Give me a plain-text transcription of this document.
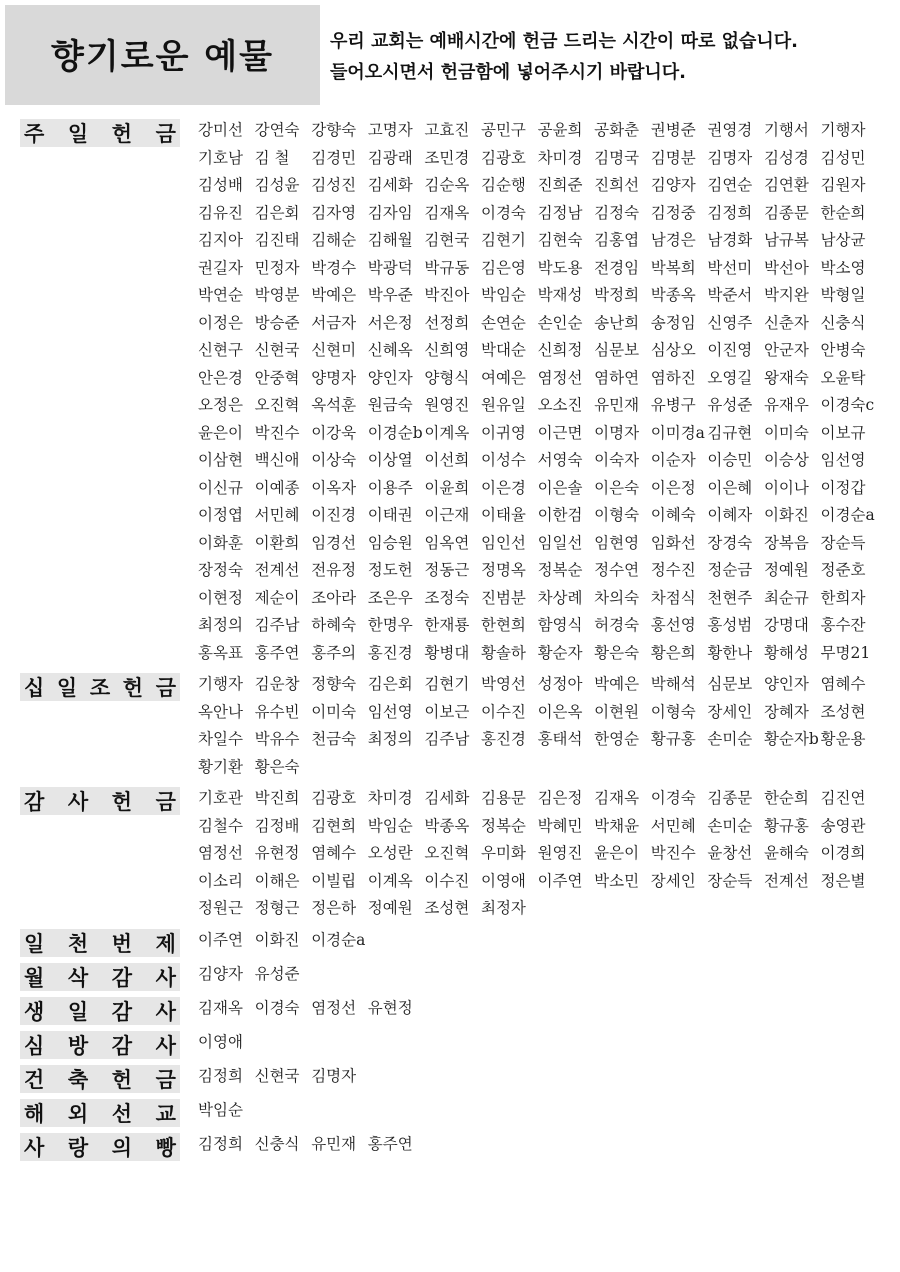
향기로운 예물	우리 교회는 예배시간에 헌금 드리는 시간이 따로 없습니다.
들어오시면서 헌금함에 넣어주시기 바랍니다.
주 일 헌 금 강미선 강연숙 강향숙 고명자 고효진 공민구 공윤희 공화춘 권병준 권영경 기행서 기행자
기호남 김 철	김경민 김광래 조민경 김광호 차미경 김명국 김명분 김명자 김성경 김성민
김성배 김성윤 김성진 김세화 김순옥 김순행 진희준 진희선 김양자 김연순 김연환 김원자
김유진 김은회 김자영 김자임 김재옥 이경숙 김정남 김정숙 김정중 김정희 김종문 한순희
김지아 김진태 김해순 김해월 김현국 김현기 김현숙 김홍엽 남경은 남경화 남규복 남상균
권길자 민정자 박경수 박광덕 박규동 김은영 박도용 전경임 박복희 박선미 박선아 박소영
박연순 박영분 박예은 박우준 박진아 박임순 박재성 박정희 박종옥 박준서 박지완 박형일
이정은 방승준 서금자 서은정 선정희 손연순 손인순 송난희 송정임 신영주 신춘자 신충식
신현구 신현국 신현미 신혜옥 신희영 박대순 신희정 심문보 심상오 이진영 안군자 안병숙
안은경 안중혁 양명자 양인자 양형식 여예은 염정선 염하연 염하진 오영길 왕재숙 오윤탁
오정은 오진혁 옥석훈 원금숙 원영진 원유일 오소진 유민재 유병구 유성준 유재우 이경숙c
윤은이 박진수 이강욱 이경순b 이계옥 이귀영 이근면 이명자 이미경a 김규현 이미숙 이보규
이삼현 백신애 이상숙 이상열 이선희 이성수 서영숙 이숙자 이순자 이승민 이승상 임선영
이신규 이예종 이옥자 이용주 이윤희 이은경 이은솔 이은숙 이은정 이은혜 이이나 이정갑
이정엽 서민혜 이진경 이태권 이근재 이태율 이한검 이형숙 이혜숙 이혜자 이화진 이경순a
이화훈 이환희 임경선 임승원 임옥연 임인선 임일선 임현영 임화선 장경숙 장복음 장순득
장정숙 전계선 전유정 정도헌 정동근 정명옥 정복순 정수연 정수진 정순금 정예원 정준호
이현정 제순이 조아라 조은우 조정숙 진범분 차상례 차의숙 차점식 천현주 최순규 한희자
최정의 김주남 하혜숙 한명우 한재룡 한현희 함영식 허경숙 홍선영 홍성범 강명대 홍수잔
홍옥표 홍주연 홍주의 홍진경 황병대 황솔하 황순자 황은숙 황은희 황한나 황해성 무명21
십 일 조 헌 금 기행자 김운창 정향숙 김은회 김현기 박영선 성정아 박예은 박해석 심문보 양인자 염혜수
옥안나 유수빈 이미숙 임선영 이보근 이수진 이은옥 이현원 이형숙 장세인 장혜자 조성현
차일수 박유수 천금숙 최정의 김주남 홍진경 홍태석 한영순 황규홍 손미순 황순자b 황운용
황기환 황은숙
감 사 헌 금 기호관 박진희 김광호 차미경 김세화 김용문 김은정 김재옥 이경숙 김종문 한순희 김진연
김철수 김정배 김현희 박임순 박종옥 정복순 박혜민 박채윤 서민혜 손미순 황규홍 송영관
염정선 유현정 염혜수 오성란 오진혁 우미화 원영진 윤은이 박진수 윤창선 윤해숙 이경희
이소리 이해은 이빌립 이계옥 이수진 이영애 이주연 박소민 장세인 장순득 전계선 정은별
정원근 정형근 정은하 정예원 조성현 최정자
일 천 번 제 이주연 이화진 이경순a
월 삭 감 사 김양자 유성준
생 일 감 사 김재옥 이경숙 염정선 유현정
심 방 감 사 이영애
건 축 헌 금 김정희 신현국 김명자
해 외 선 교 박임순
사 랑 의 빵 김정희 신충식 유민재 홍주연
